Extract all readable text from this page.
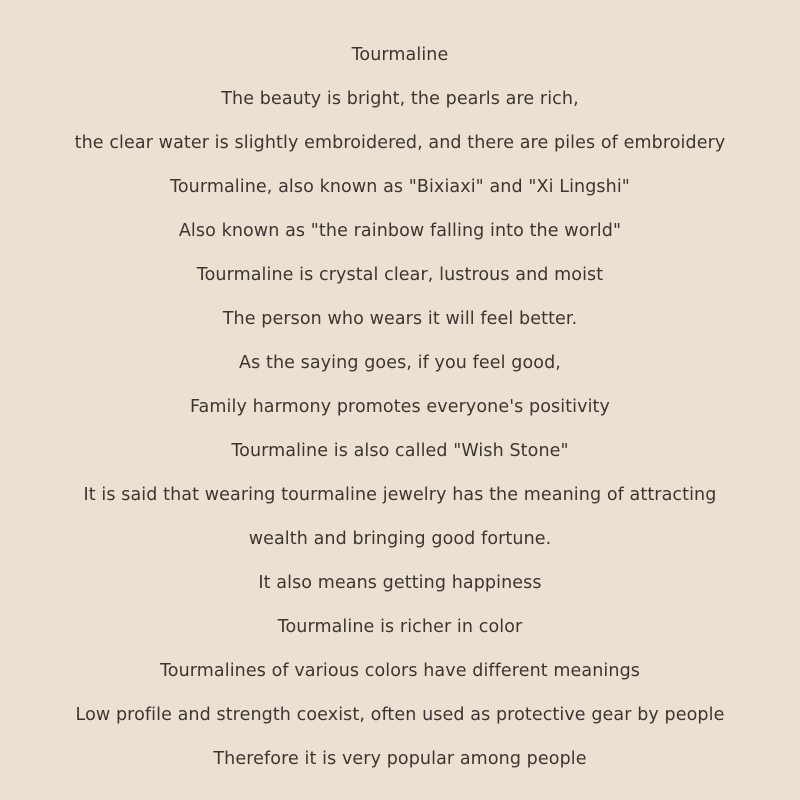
Tourmaline
The beauty is bright, the pearls are rich,
the clear water is slightly embroidered, and there are piles of embroidery
Tourmaline, also known as "Bixiaxi" and "Xi Lingshi"
Also known as "the rainbow falling into the world"
Tourmaline is crystal clear, lustrous and moist
The person who wears it will feel better.
As the saying goes, if you feel good,
Family harmony promotes everyone's positivity
Tourmaline is also called "Wish Stone"
It is said that wearing tourmaline jewelry has the meaning of attracting
wealth and bringing good fortune.
It also means getting happiness
Tourmaline is richer in color
Tourmalines of various colors have different meanings
Low profile and strength coexist, often used as protective gear by people
Therefore it is very popular among people
